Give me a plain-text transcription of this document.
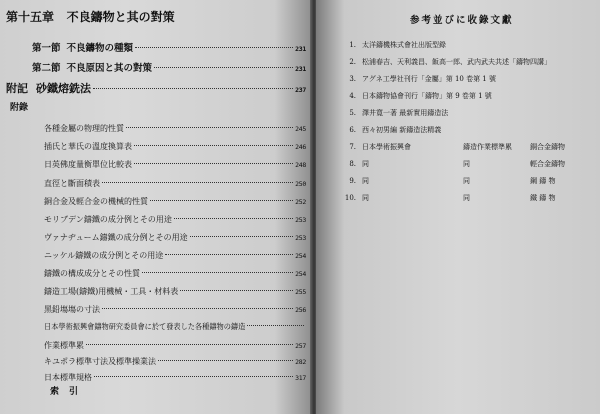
第十五章 不良鑄物と其の對策
第一節 不良鑄物の種類	231
第二節 不良原因と其の對策	231
附記 砂鐵熔銑法	237
附錄
各種金屬の物理的性質	245
插氏と華氏の溫度換算表	246
日英佛度量衡單位比較表	248
直徑と斷面積表	250
銅合金及輕合金の機械的性質	252
モリブデン鑄鐵の成分例とその用途	253
ヴァナヂューム鑄鐵の成分例とその用途	253
ニッケル鑄鐵の成分例とその用途	254
鑄鐵の構成成分とその性質	254
鑄造工場(鑄鐵)用機械・工具・材料表	255
黑鉛塲塲の寸法	256
日本學術振興會鑄物研究委員會に於て發表した各種鑄物の鑄造
作業標準累	257
キユポラ標準寸法及標準操業法	282
日本標準規格	317
索引
参考並びに收錄文獻
1. 太洋鑄機株式會社出版型錄
2. 松浦春吉、天利義昌、飯高一郎、武内武夫共述「鑄物四講」
3. アグネ工學社刊行「金屬」第 10 卷第 1 號
4. 日本鑄物協會刊行「鑄物」第 9 卷第 1 號
5. 澤井寛一著 最新實用鑄造法
6. 西々初男編 新鑄造法精義
7. 日本學術振興會	鑄造作業標準累	銅合金鑄物
8. 同	同	輕合金鑄物
9. 同	同	鋼 鑄 物
10. 同	同	鐵 鑄 物
